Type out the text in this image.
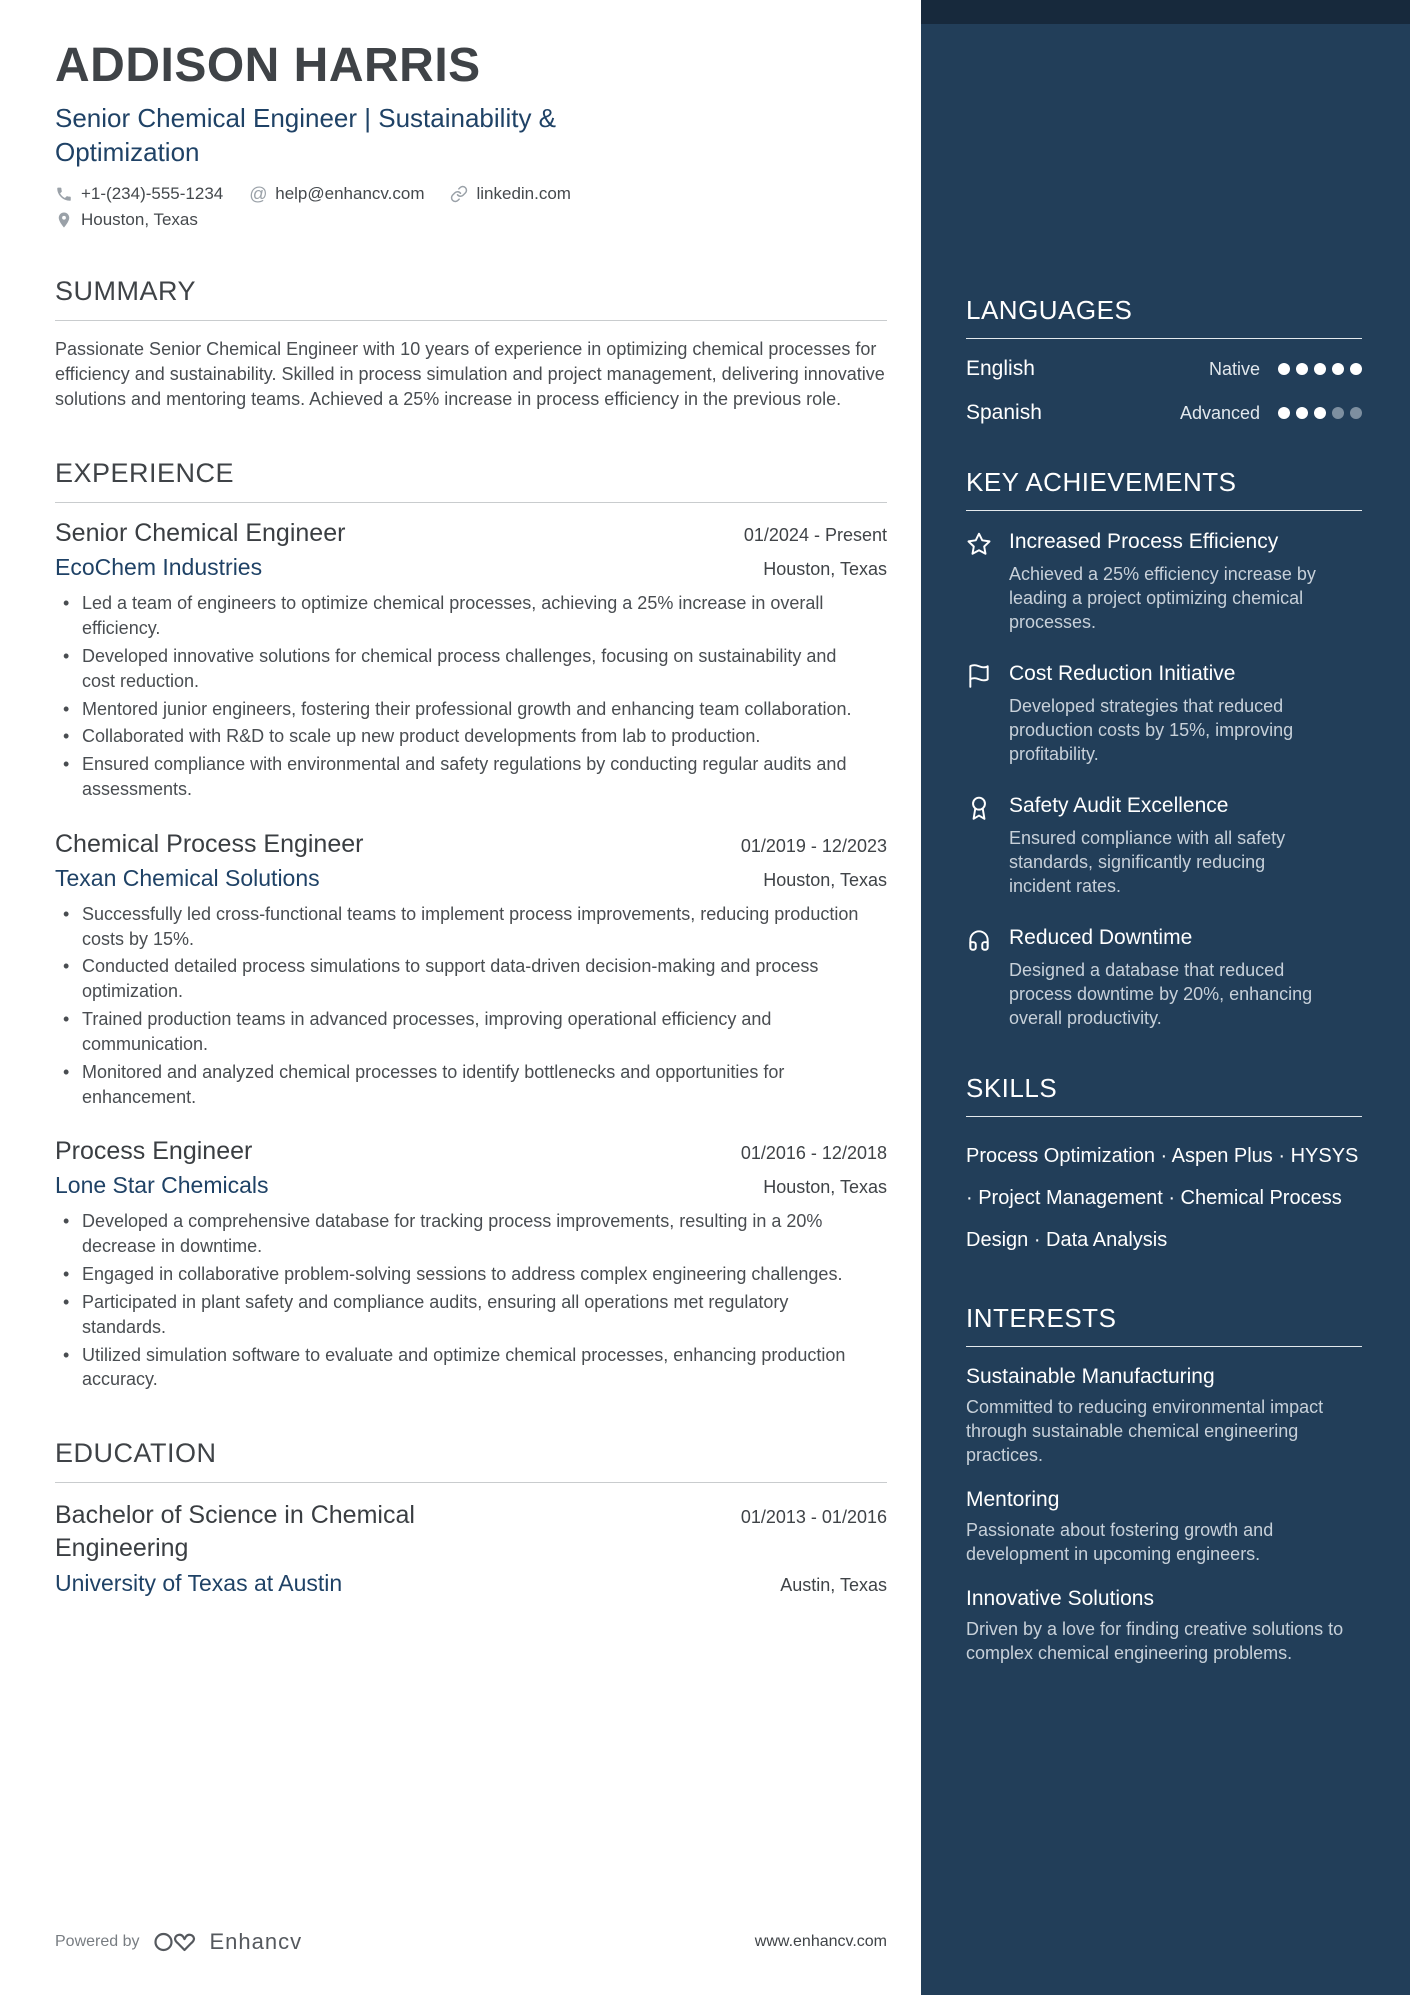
ADDISON HARRIS
Senior Chemical Engineer | Sustainability & Optimization
+1-(234)-555-1234 @ help@enhancv.com	linkedin.com
Houston, Texas
SUMMARY

Passionate Senior Chemical Engineer with 10 years of experience in optimizing chemical processes for efficiency and sustainability. Skilled in process simulation and project management, delivering innovative solutions and mentoring teams. Achieved a 25% increase in process efficiency in the previous role.

EXPERIENCE
Senior Chemical Engineer	01/2024 - Present
EcoChem Industries	Houston, Texas
• Led a team of engineers to optimize chemical processes, achieving a 25% increase in overall efficiency.
• Developed innovative solutions for chemical process challenges, focusing on sustainability and cost reduction.
• Mentored junior engineers, fostering their professional growth and enhancing team collaboration.
• Collaborated with R&D to scale up new product developments from lab to production.
• Ensured compliance with environmental and safety regulations by conducting regular audits and assessments.
Chemical Process Engineer	01/2019 - 12/2023
Texan Chemical Solutions	Houston, Texas
• Successfully led cross-functional teams to implement process improvements, reducing production costs by 15%.
• Conducted detailed process simulations to support data-driven decision-making and process optimization.
• Trained production teams in advanced processes, improving operational efficiency and communication.
• Monitored and analyzed chemical processes to identify bottlenecks and opportunities for enhancement.
Process Engineer	01/2016 - 12/2018
Lone Star Chemicals	Houston, Texas
• Developed a comprehensive database for tracking process improvements, resulting in a 20% decrease in downtime.
• Engaged in collaborative problem-solving sessions to address complex engineering challenges.
• Participated in plant safety and compliance audits, ensuring all operations met regulatory standards.
• Utilized simulation software to evaluate and optimize chemical processes, enhancing production accuracy.
EDUCATION
Bachelor of Science in Chemical Engineering
01/2013 - 01/2016
University of Texas at Austin	Austin, Texas
Powered by	Enhancv	www.enhancv.com
LANGUAGES
English	Native
Spanish	Advanced
KEY ACHIEVEMENTS
Increased Process Efficiency
Achieved a 25% efficiency increase by leading a project optimizing chemical processes.
Cost Reduction Initiative
Developed strategies that reduced production costs by 15%, improving profitability.
Safety Audit Excellence
Ensured compliance with all safety standards, significantly reducing incident rates.
Reduced Downtime
Designed a database that reduced process downtime by 20%, enhancing overall productivity.
SKILLS
Process Optimization · Aspen Plus · HYSYS · Project Management · Chemical Process Design · Data Analysis
INTERESTS
Sustainable Manufacturing
Committed to reducing environmental impact through sustainable chemical engineering practices.
Mentoring
Passionate about fostering growth and development in upcoming engineers.
Innovative Solutions
Driven by a love for finding creative solutions to complex chemical engineering problems.
